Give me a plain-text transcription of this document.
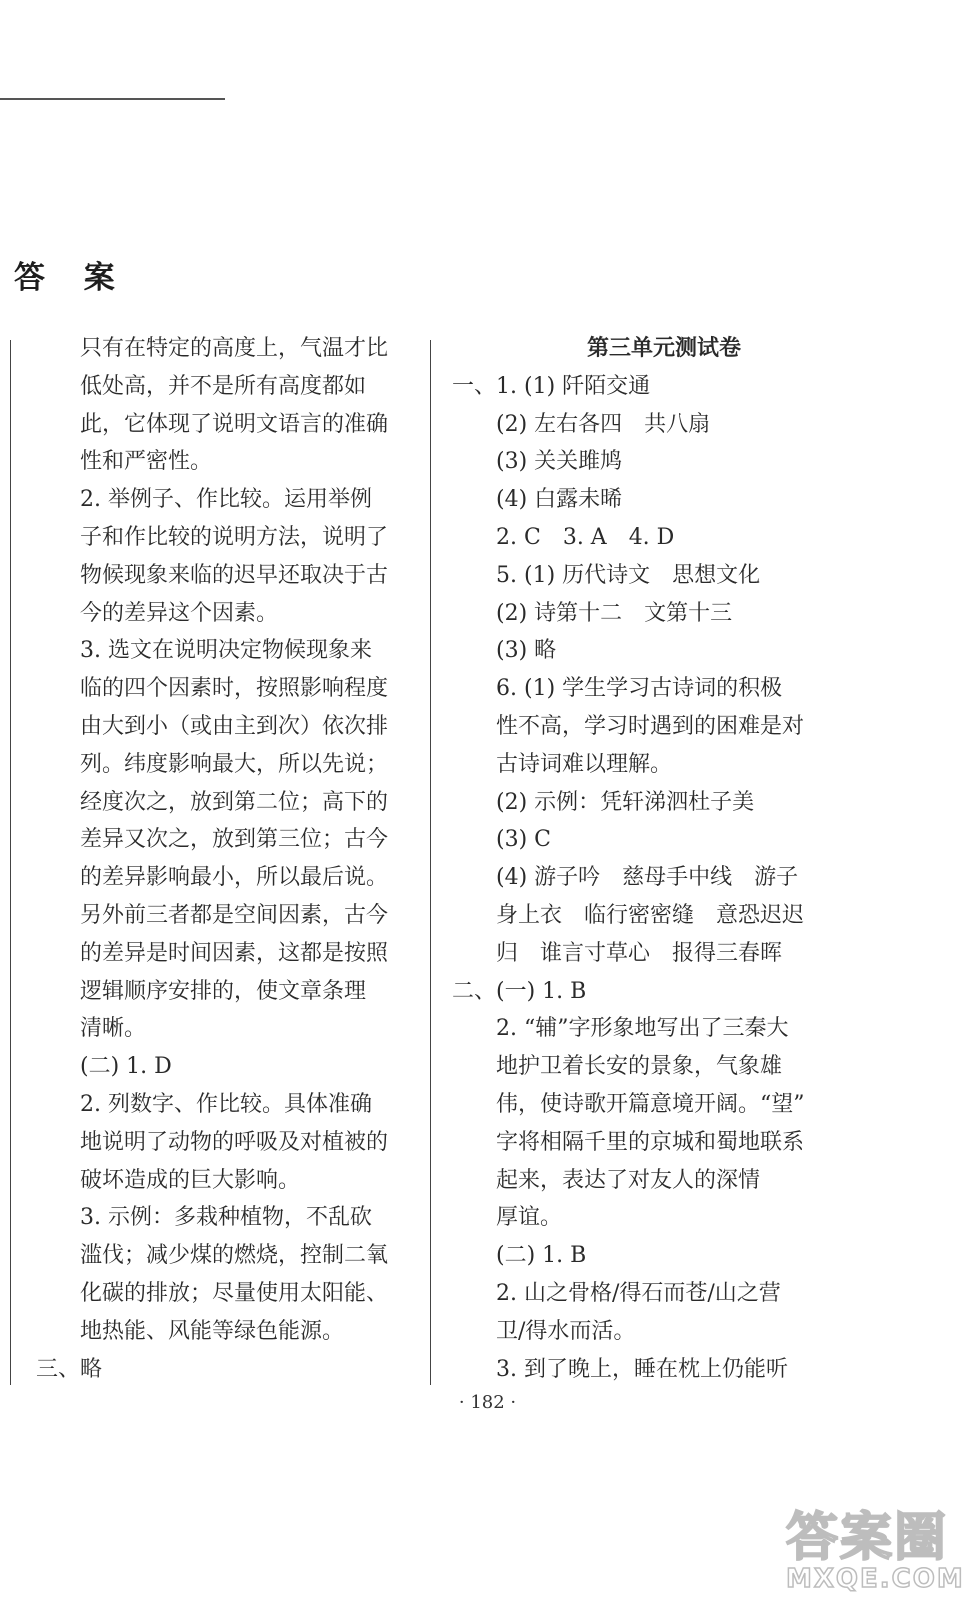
答 案
只有在特定的高度上，气温才比
低处高，并不是所有高度都如
此，它体现了说明文语言的准确
性和严密性。
2. 举例子、作比较。运用举例
子和作比较的说明方法，说明了
物候现象来临的迟早还取决于古
今的差异这个因素。
3. 选文在说明决定物候现象来
临的四个因素时，按照影响程度
由大到小（或由主到次）依次排
列。纬度影响最大，所以先说；
经度次之，放到第二位；高下的
差异又次之，放到第三位；古今
的差异影响最小，所以最后说。
另外前三者都是空间因素，古今
的差异是时间因素，这都是按照
逻辑顺序安排的，使文章条理
清晰。
(二) 1. D
2. 列数字、作比较。具体准确
地说明了动物的呼吸及对植被的
破坏造成的巨大影响。
3. 示例：多栽种植物，不乱砍
滥伐；减少煤的燃烧，控制二氧
化碳的排放；尽量使用太阳能、
地热能、风能等绿色能源。
三、略
第三单元测试卷
一、1. (1) 阡陌交通
(2) 左右各四　共八扇
(3) 关关雎鸠
(4) 白露未晞
2. C　3. A　4. D
5. (1) 历代诗文　思想文化
(2) 诗第十二　文第十三
(3) 略
6. (1) 学生学习古诗词的积极
性不高，学习时遇到的困难是对
古诗词难以理解。
(2) 示例：凭轩涕泗杜子美
(3) C
(4) 游子吟　慈母手中线　游子
身上衣　临行密密缝　意恐迟迟
归　谁言寸草心　报得三春晖
二、(一) 1. B
2. “辅”字形象地写出了三秦大
地护卫着长安的景象，气象雄
伟，使诗歌开篇意境开阔。“望”
字将相隔千里的京城和蜀地联系
起来，表达了对友人的深情
厚谊。
(二) 1. B
2. 山之骨格/得石而苍/山之营
卫/得水而活。
3. 到了晚上，睡在枕上仍能听
· 182 ·
答案圈
MXQE.COM
